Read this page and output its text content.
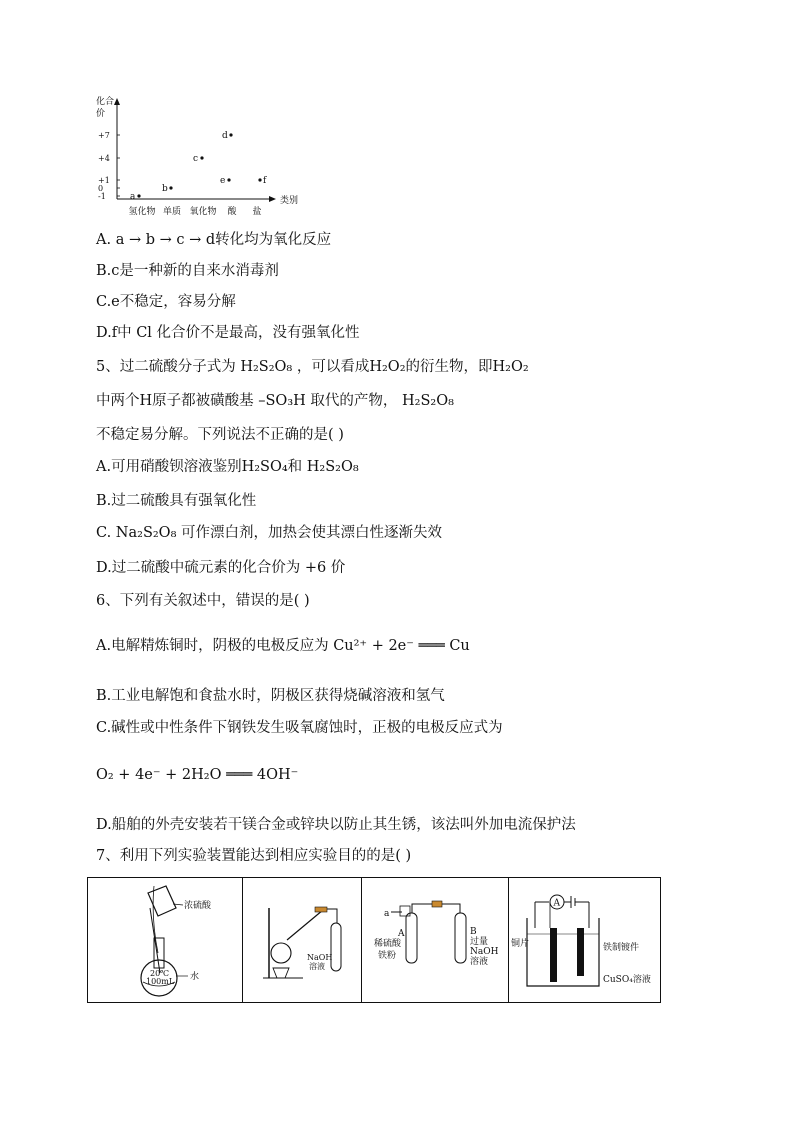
化合
价
类别
+7
+4
+1
0
-1
氢化物 单质 氧化物 酸 盐
a
b
c
d
e	f
A. a → b → c → d转化均为氧化反应
B.c是一种新的自来水消毒剂
C.e不稳定，容易分解
D.f中 Cl 化合价不是最高，没有强氧化性
5、过二硫酸分子式为 H₂S₂O₈ ，可以看成H₂O₂的衍生物，即H₂O₂
中两个H原子都被磺酸基 –SO₃H 取代的产物， H₂S₂O₈
不稳定易分解。下列说法不正确的是( )
A.可用硝酸钡溶液鉴别H₂SO₄和 H₂S₂O₈
B.过二硫酸具有强氧化性
C. Na₂S₂O₈ 可作漂白剂，加热会使其漂白性逐渐失效
D.过二硫酸中硫元素的化合价为 +6 价
6、下列有关叙述中，错误的是( )
A.电解精炼铜时，阴极的电极反应为 Cu²⁺ + 2e⁻ ═══ Cu
B.工业电解饱和食盐水时，阴极区获得烧碱溶液和氢气
C.碱性或中性条件下钢铁发生吸氧腐蚀时，正极的电极反应式为
O₂ + 4e⁻ + 2H₂O ═══ 4OH⁻
D.船舶的外壳安装若干镁合金或锌块以防止其生锈，该法叫外加电流保护法
7、利用下列实验装置能达到相应实验目的的是( )
浓硫酸
20℃
100mL 水
NaOH
溶液
a
A	B
稀硫酸
铁粉
过量
NaOH
溶液
A
铜片	铁制镀件
CuSO₄溶液
